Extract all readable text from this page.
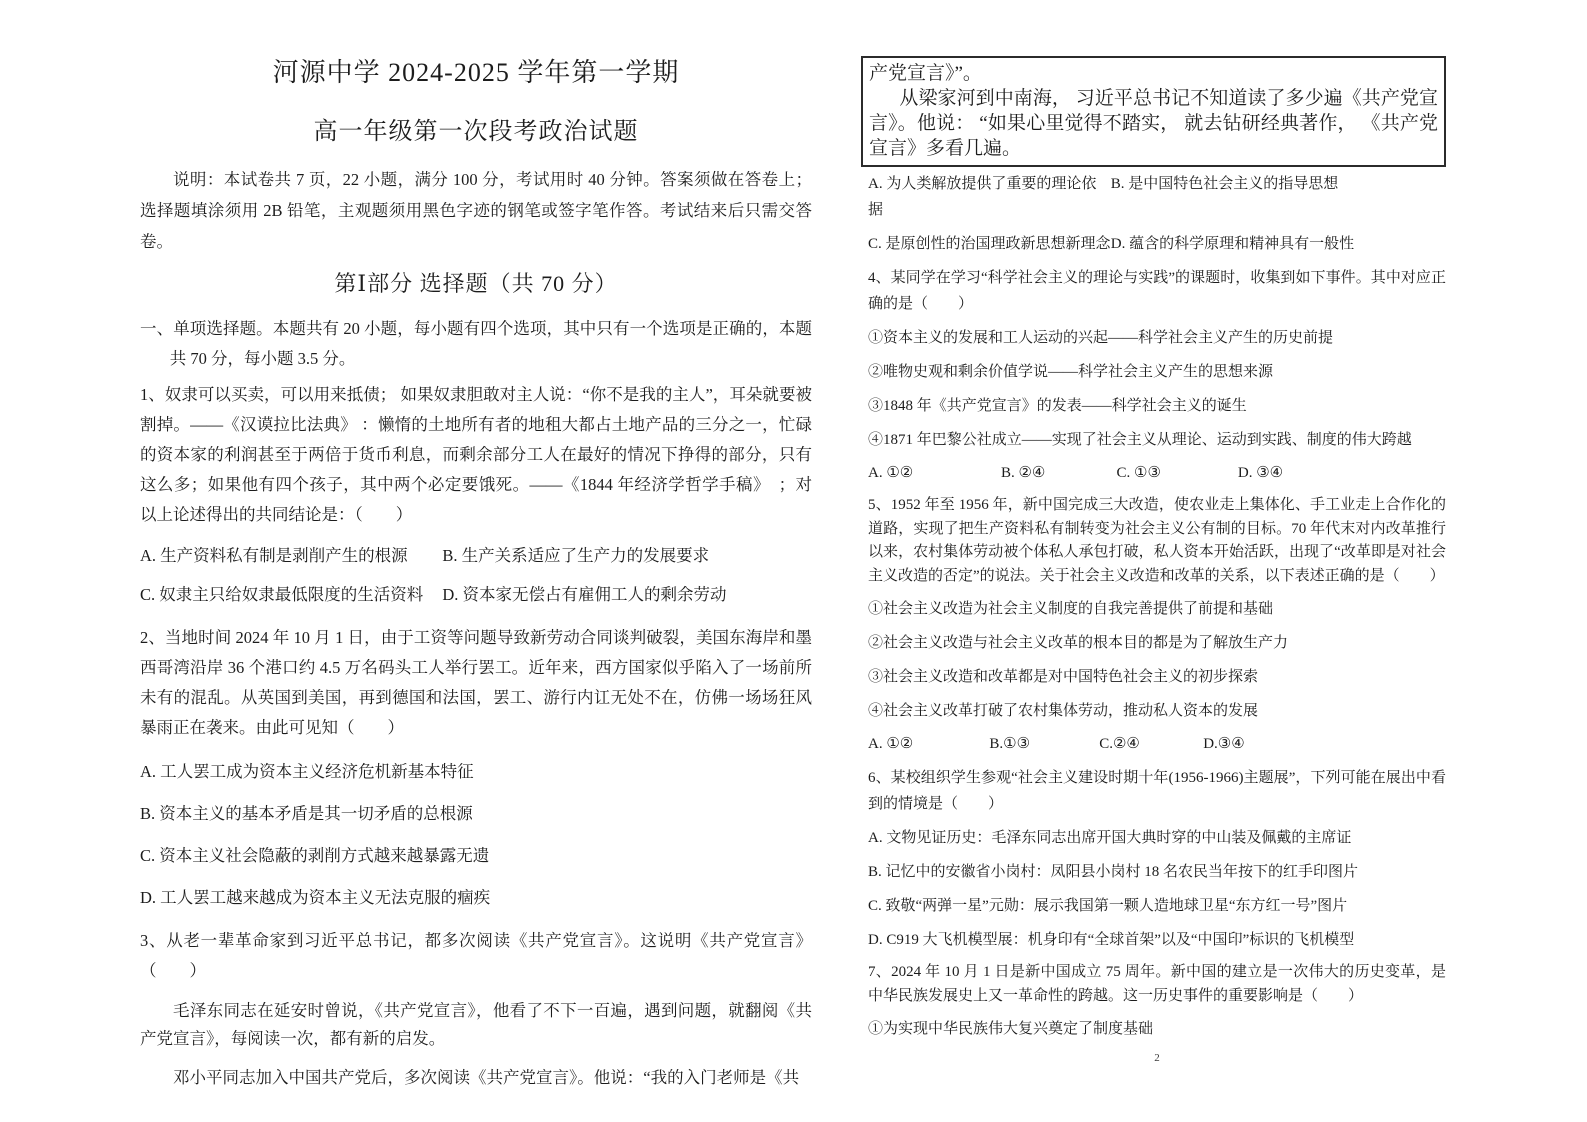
河源中学 2024-2025 学年第一学期

高一年级第一次段考政治试题

说明：本试卷共 7 页，22 小题，满分 100 分，考试用时 40 分钟。答案须做在答卷上； 选择题填涂须用 2B 铅笔，主观题须用黑色字迹的钢笔或签字笔作答。考试结来后只需交答卷。

第Ⅰ部分 选择题（共 70 分）

一、单项选择题。本题共有 20 小题，每小题有四个选项，其中只有一个选项是正确的，本题共 70 分，每小题 3.5 分。

1、奴隶可以买卖，可以用来抵债； 如果奴隶胆敢对主人说：“你不是我的主人”，耳朵就要被割掉。——《汉谟拉比法典》 ：懒惰的土地所有者的地租大都占土地产品的三分之一，忙碌的资本家的利润甚至于两倍于货币利息，而剩余部分工人在最好的情况下挣得的部分，只有这么多；如果他有四个孩子，其中两个必定要饿死。——《1844 年经济学哲学手稿》　；对以上论述得出的共同结论是：（　　）

A. 生产资料私有制是剥削产生的根源	B. 生产关系适应了生产力的发展要求
C. 奴隶主只给奴隶最低限度的生活资料	D. 资本家无偿占有雇佣工人的剩余劳动

2、当地时间 2024 年 10 月 1 日，由于工资等问题导致新劳动合同谈判破裂，美国东海岸和墨西哥湾沿岸 36 个港口约 4.5 万名码头工人举行罢工。近年来，西方国家似乎陷入了一场前所未有的混乱。从英国到美国，再到德国和法国，罢工、游行内讧无处不在，仿佛一场场狂风暴雨正在袭来。由此可见知（　　）

A. 工人罢工成为资本主义经济危机新基本特征

B. 资本主义的基本矛盾是其一切矛盾的总根源

C. 资本主义社会隐蔽的剥削方式越来越暴露无遗

D. 工人罢工越来越成为资本主义无法克服的痼疾

3、从老一辈革命家到习近平总书记，都多次阅读《共产党宣言》。这说明《共产党宣言》（　　）

毛泽东同志在延安时曾说，《共产党宣言》，他看了不下一百遍，遇到问题，就翻阅《共产党宣言》，每阅读一次，都有新的启发。

邓小平同志加入中国共产党后，多次阅读《共产党宣言》。他说：“我的入门老师是《共

产党宣言》”。

从梁家河到中南海， 习近平总书记不知道读了多少遍《共产党宣言》。他说： “如果心里觉得不踏实， 就去钻研经典著作， 《共产党宣言》多看几遍。

A. 为人类解放提供了重要的理论依据
B. 是中国特色社会主义的指导思想
C. 是原创性的治国理政新思想新理念 D. 蕴含的科学原理和精神具有一般性

4、某同学在学习“科学社会主义的理论与实践”的课题时，收集到如下事件。其中对应正确的是（　　）

①资本主义的发展和工人运动的兴起——科学社会主义产生的历史前提

②唯物史观和剩余价值学说——科学社会主义产生的思想来源

③1848 年《共产党宣言》的发表——科学社会主义的诞生

④1871 年巴黎公社成立——实现了社会主义从理论、运动到实践、制度的伟大跨越

A. ①②	B. ②④	C. ①③	D. ③④

5、1952 年至 1956 年，新中国完成三大改造，使农业走上集体化、手工业走上合作化的道路，实现了把生产资料私有制转变为社会主义公有制的目标。70 年代末对内改革推行以来，农村集体劳动被个体私人承包打破，私人资本开始活跃，出现了“改革即是对社会主义改造的否定”的说法。关于社会主义改造和改革的关系，以下表述正确的是（　　）

①社会主义改造为社会主义制度的自我完善提供了前提和基础

②社会主义改造与社会主义改革的根本目的都是为了解放生产力

③社会主义改造和改革都是对中国特色社会主义的初步探索

④社会主义改革打破了农村集体劳动，推动私人资本的发展

A. ①②	B.①③	C.②④	D.③④

6、某校组织学生参观“社会主义建设时期十年(1956-1966)主题展”，下列可能在展出中看到的情境是（　　）

A. 文物见证历史：毛泽东同志出席开国大典时穿的中山装及佩戴的主席证

B. 记忆中的安徽省小岗村：凤阳县小岗村 18 名农民当年按下的红手印图片

C. 致敬“两弹一星”元勋：展示我国第一颗人造地球卫星“东方红一号”图片

D. C919 大飞机模型展：机身印有“全球首架”以及“中国印”标识的飞机模型

7、2024 年 10 月 1 日是新中国成立 75 周年。新中国的建立是一次伟大的历史变革，是中华民族发展史上又一革命性的跨越。这一历史事件的重要影响是（　　）

①为实现中华民族伟大复兴奠定了制度基础

2
